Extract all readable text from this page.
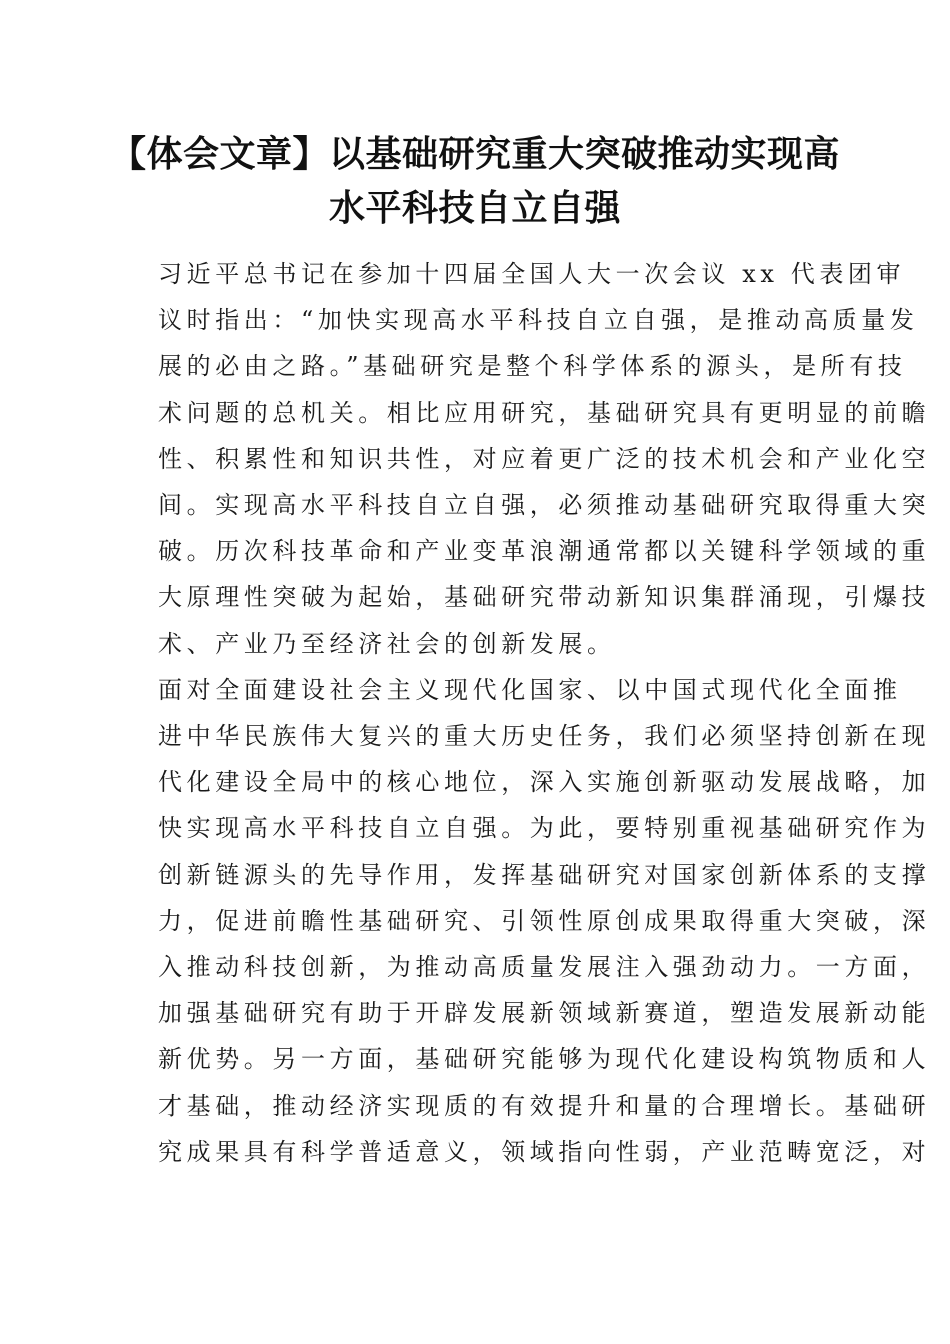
【体会文章】以基础研究重大突破推动实现高
水平科技自立自强

习近平总书记在参加十四届全国人大一次会议 xx 代表团审
议时指出：“加快实现高水平科技自立自强，是推动高质量发
展的必由之路。”基础研究是整个科学体系的源头，是所有技
术问题的总机关。相比应用研究，基础研究具有更明显的前瞻
性、积累性和知识共性，对应着更广泛的技术机会和产业化空
间。实现高水平科技自立自强，必须推动基础研究取得重大突
破。历次科技革命和产业变革浪潮通常都以关键科学领域的重
大原理性突破为起始，基础研究带动新知识集群涌现，引爆技
术、产业乃至经济社会的创新发展。

面对全面建设社会主义现代化国家、以中国式现代化全面推
进中华民族伟大复兴的重大历史任务，我们必须坚持创新在现
代化建设全局中的核心地位，深入实施创新驱动发展战略，加
快实现高水平科技自立自强。为此，要特别重视基础研究作为
创新链源头的先导作用，发挥基础研究对国家创新体系的支撑
力，促进前瞻性基础研究、引领性原创成果取得重大突破，深
入推动科技创新，为推动高质量发展注入强劲动力。一方面，
加强基础研究有助于开辟发展新领域新赛道，塑造发展新动能
新优势。另一方面，基础研究能够为现代化建设构筑物质和人
才基础，推动经济实现质的有效提升和量的合理增长。基础研
究成果具有科学普适意义，领域指向性弱，产业范畴宽泛，对
